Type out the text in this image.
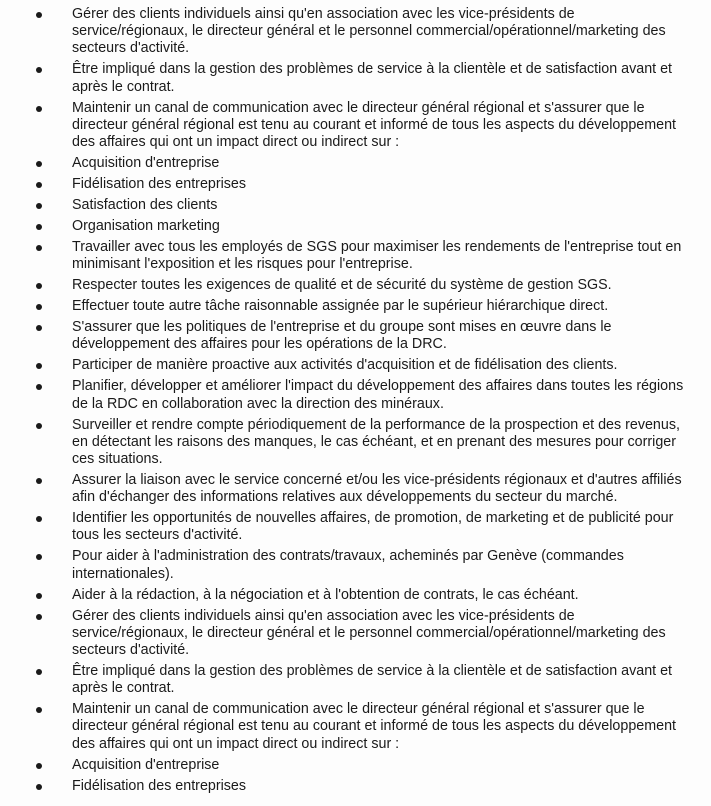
Gérer des clients individuels ainsi qu'en association avec les vice-présidents de service/régionaux, le directeur général et le personnel commercial/opérationnel/marketing des secteurs d'activité.
Être impliqué dans la gestion des problèmes de service à la clientèle et de satisfaction avant et après le contrat.
Maintenir un canal de communication avec le directeur général régional et s'assurer que le directeur général régional est tenu au courant et informé de tous les aspects du développement des affaires qui ont un impact direct ou indirect sur :
Acquisition d'entreprise
Fidélisation des entreprises
Satisfaction des clients
Organisation marketing
Travailler avec tous les employés de SGS pour maximiser les rendements de l'entreprise tout en minimisant l'exposition et les risques pour l'entreprise.
Respecter toutes les exigences de qualité et de sécurité du système de gestion SGS.
Effectuer toute autre tâche raisonnable assignée par le supérieur hiérarchique direct.
S'assurer que les politiques de l'entreprise et du groupe sont mises en œuvre dans le développement des affaires pour les opérations de la DRC.
Participer de manière proactive aux activités d'acquisition et de fidélisation des clients.
Planifier, développer et améliorer l'impact du développement des affaires dans toutes les régions de la RDC en collaboration avec la direction des minéraux.
Surveiller et rendre compte périodiquement de la performance de la prospection et des revenus, en détectant les raisons des manques, le cas échéant, et en prenant des mesures pour corriger ces situations.
Assurer la liaison avec le service concerné et/ou les vice-présidents régionaux et d'autres affiliés afin d'échanger des informations relatives aux développements du secteur du marché.
Identifier les opportunités de nouvelles affaires, de promotion, de marketing et de publicité pour tous les secteurs d'activité.
Pour aider à l'administration des contrats/travaux, acheminés par Genève (commandes internationales).
Aider à la rédaction, à la négociation et à l'obtention de contrats, le cas échéant.
Gérer des clients individuels ainsi qu'en association avec les vice-présidents de service/régionaux, le directeur général et le personnel commercial/opérationnel/marketing des secteurs d'activité.
Être impliqué dans la gestion des problèmes de service à la clientèle et de satisfaction avant et après le contrat.
Maintenir un canal de communication avec le directeur général régional et s'assurer que le directeur général régional est tenu au courant et informé de tous les aspects du développement des affaires qui ont un impact direct ou indirect sur :
Acquisition d'entreprise
Fidélisation des entreprises
